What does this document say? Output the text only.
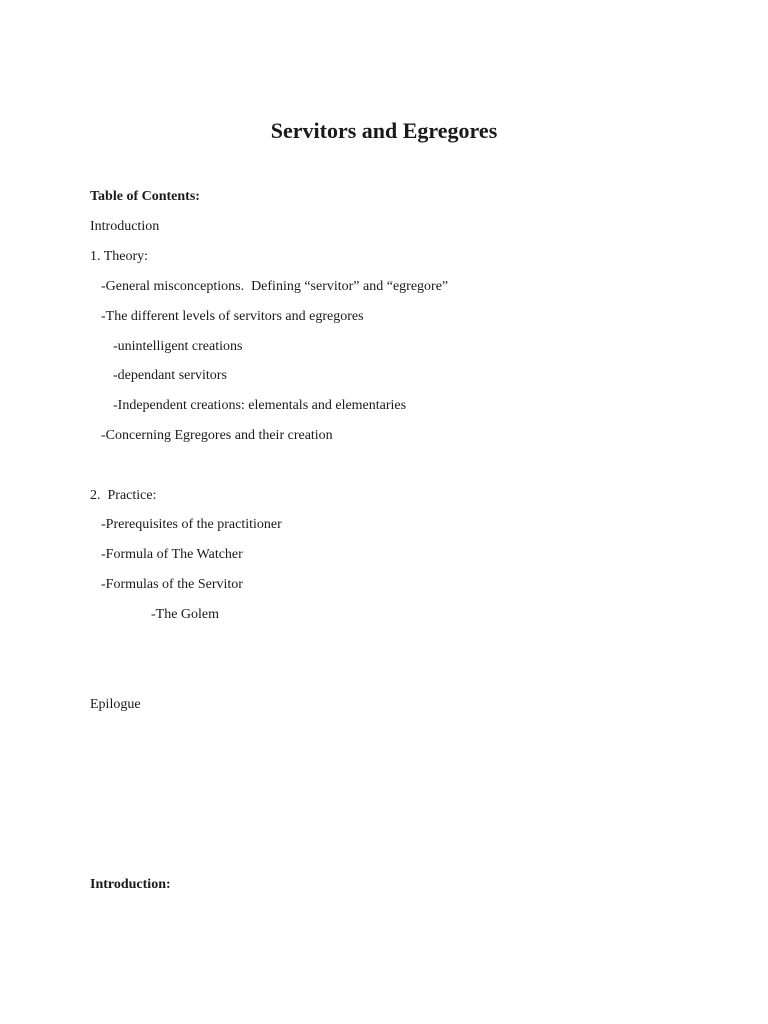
Servitors and Egregores

Table of Contents:

Introduction

1. Theory:

-General misconceptions.  Defining “servitor” and “egregore”

-The different levels of servitors and egregores

-unintelligent creations

-dependant servitors

-Independent creations: elementals and elementaries

-Concerning Egregores and their creation

2.  Practice:

-Prerequisites of the practitioner

-Formula of The Watcher

-Formulas of the Servitor

-The Golem

Epilogue

Introduction:
